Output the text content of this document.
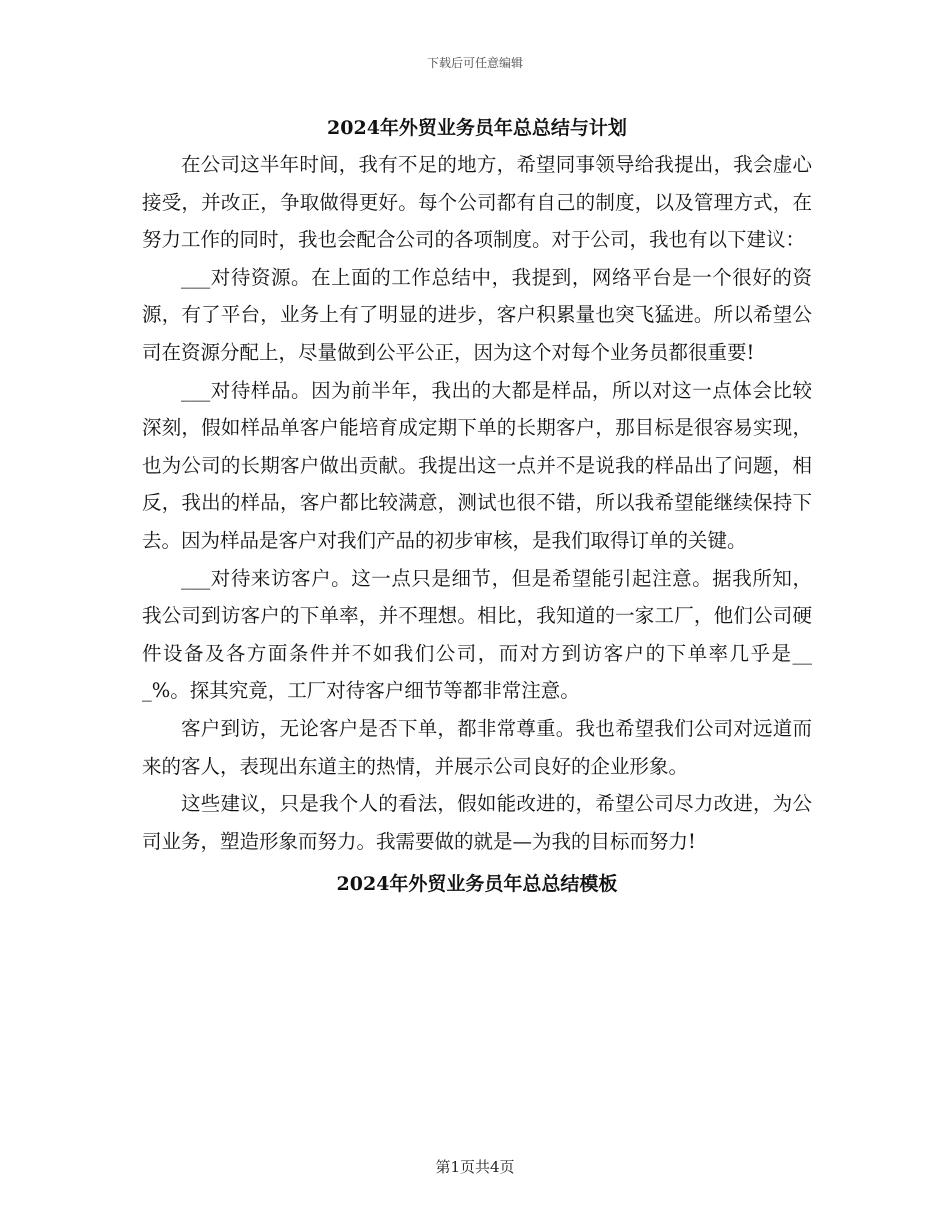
下载后可任意编辑
2024年外贸业务员年总总结与计划

在公司这半年时间，我有不足的地方，希望同事领导给我提出，我会虚心接受，并改正，争取做得更好。每个公司都有自己的制度，以及管理方式，在努力工作的同时，我也会配合公司的各项制度。对于公司，我也有以下建议：

___对待资源。在上面的工作总结中，我提到，网络平台是一个很好的资源，有了平台，业务上有了明显的进步，客户积累量也突飞猛进。所以希望公司在资源分配上，尽量做到公平公正，因为这个对每个业务员都很重要!

___对待样品。因为前半年，我出的大都是样品，所以对这一点体会比较深刻，假如样品单客户能培育成定期下单的长期客户，那目标是很容易实现，也为公司的长期客户做出贡献。我提出这一点并不是说我的样品出了问题，相反，我出的样品，客户都比较满意，测试也很不错，所以我希望能继续保持下去。因为样品是客户对我们产品的初步审核，是我们取得订单的关键。

___对待来访客户。这一点只是细节，但是希望能引起注意。据我所知，我公司到访客户的下单率，并不理想。相比，我知道的一家工厂，他们公司硬件设备及各方面条件并不如我们公司，而对方到访客户的下单率几乎是___%。探其究竟，工厂对待客户细节等都非常注意。

客户到访，无论客户是否下单，都非常尊重。我也希望我们公司对远道而来的客人，表现出东道主的热情，并展示公司良好的企业形象。

这些建议，只是我个人的看法，假如能改进的，希望公司尽力改进，为公司业务，塑造形象而努力。我需要做的就是—为我的目标而努力!

2024年外贸业务员年总总结模板
第1页共4页
